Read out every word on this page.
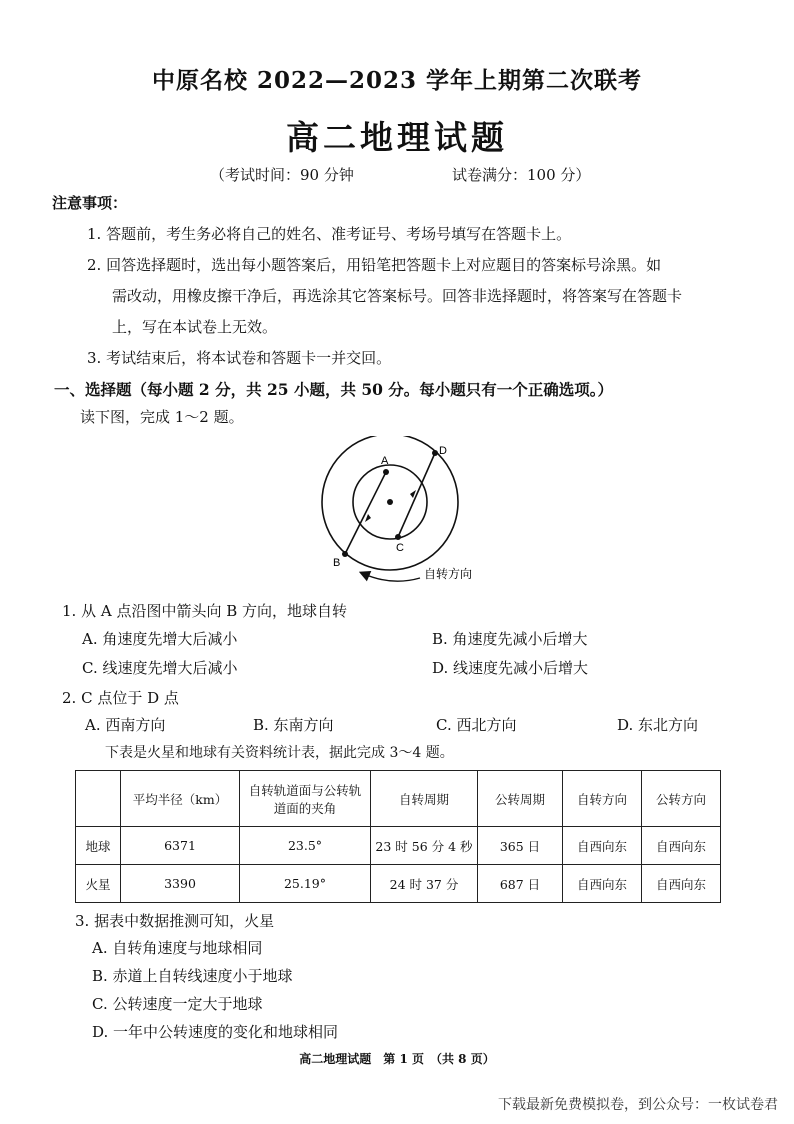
中原名校 2022—2023 学年上期第二次联考
高二地理试题
（考试时间：90 分钟	试卷满分：100 分）
注意事项：
1. 答题前，考生务必将自己的姓名、准考证号、考场号填写在答题卡上。
2. 回答选择题时，选出每小题答案后，用铅笔把答题卡上对应题目的答案标号涂黑。如
需改动，用橡皮擦干净后，再选涂其它答案标号。回答非选择题时，将答案写在答题卡
上，写在本试卷上无效。
3. 考试结束后，将本试卷和答题卡一并交回。
一、选择题（每小题 2 分，共 25 小题，共 50 分。每小题只有一个正确选项。）
读下图，完成 1～2 题。
A
B
C
D
自转方向
1. 从 A 点沿图中箭头向 B 方向，地球自转
A. 角速度先增大后减小	B. 角速度先减小后增大
C. 线速度先增大后减小	D. 线速度先减小后增大
2. C 点位于 D 点
A. 西南方向	B. 东南方向	C. 西北方向	D. 东北方向
下表是火星和地球有关资料统计表，据此完成 3～4 题。
	平均半径（km）	自转轨道面与公转轨道面的夹角	自转周期	公转周期	自转方向	公转方向
地球	6371	23.5°	23 时 56 分 4 秒	365 日	自西向东	自西向东
火星	3390	25.19°	24 时 37 分	687 日	自西向东	自西向东
3. 据表中数据推测可知，火星
A. 自转角速度与地球相同
B. 赤道上自转线速度小于地球
C. 公转速度一定大于地球
D. 一年中公转速度的变化和地球相同
高二地理试题　第 1 页　（共 8 页）
下载最新免费模拟卷，到公众号：一枚试卷君
